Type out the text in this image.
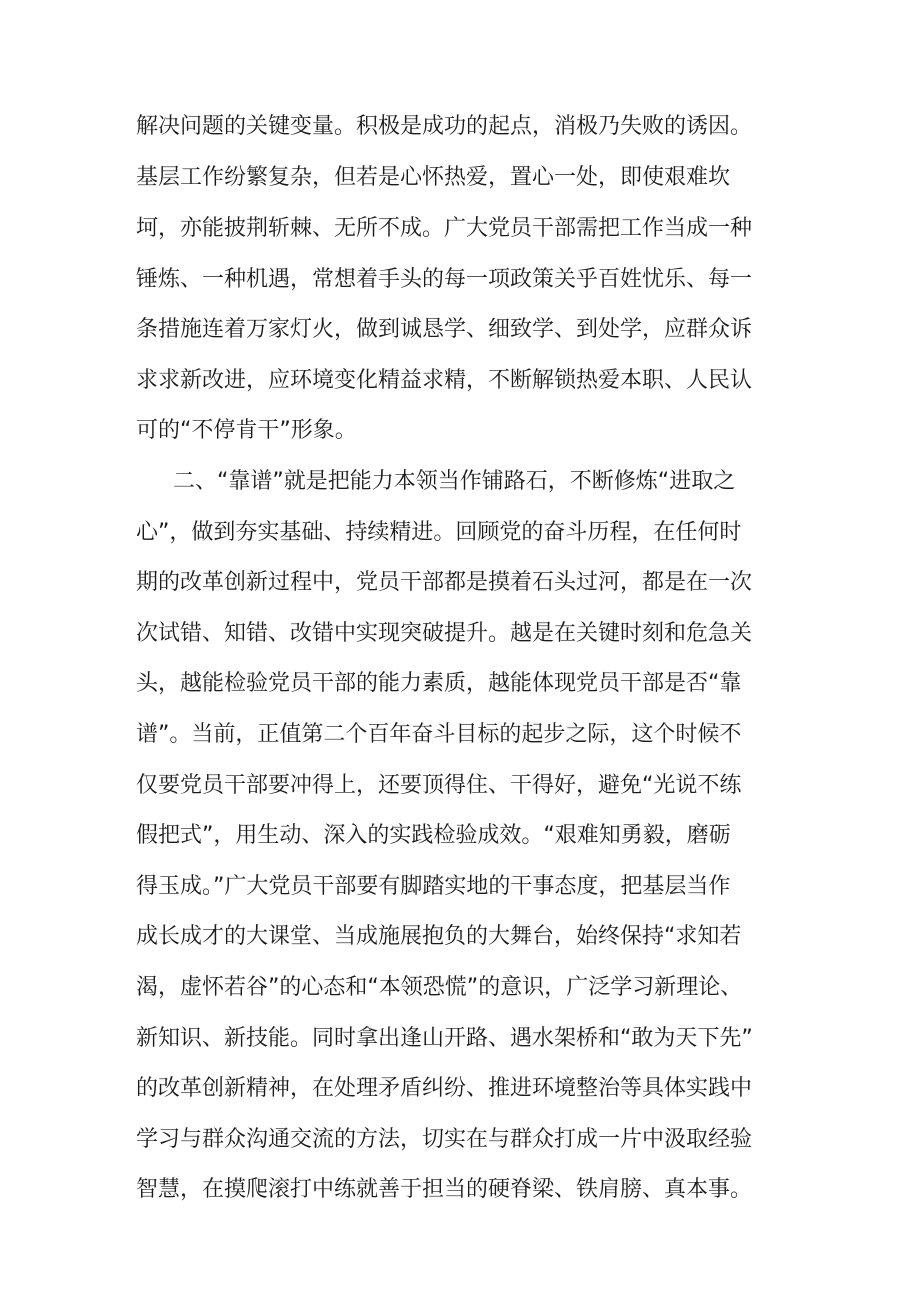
解决问题的关键变量。积极是成功的起点，消极乃失败的诱因。
基层工作纷繁复杂，但若是心怀热爱，置心一处，即使艰难坎
坷，亦能披荆斩棘、无所不成。广大党员干部需把工作当成一种
锤炼、一种机遇，常想着手头的每一项政策关乎百姓忧乐、每一
条措施连着万家灯火，做到诚恳学、细致学、到处学，应群众诉
求求新改进，应环境变化精益求精，不断解锁热爱本职、人民认
可的“不停肯干”形象。
二、“靠谱”就是把能力本领当作铺路石，不断修炼“进取之
心”，做到夯实基础、持续精进。回顾党的奋斗历程，在任何时
期的改革创新过程中，党员干部都是摸着石头过河，都是在一次
次试错、知错、改错中实现突破提升。越是在关键时刻和危急关
头，越能检验党员干部的能力素质，越能体现党员干部是否“靠
谱”。当前，正值第二个百年奋斗目标的起步之际，这个时候不
仅要党员干部要冲得上，还要顶得住、干得好，避免“光说不练
假把式”，用生动、深入的实践检验成效。“艰难知勇毅，磨砺
得玉成。”广大党员干部要有脚踏实地的干事态度，把基层当作
成长成才的大课堂、当成施展抱负的大舞台，始终保持“求知若
渴，虚怀若谷”的心态和“本领恐慌”的意识，广泛学习新理论、
新知识、新技能。同时拿出逢山开路、遇水架桥和“敢为天下先”
的改革创新精神，在处理矛盾纠纷、推进环境整治等具体实践中
学习与群众沟通交流的方法，切实在与群众打成一片中汲取经验
智慧，在摸爬滚打中练就善于担当的硬脊梁、铁肩膀、真本事。
